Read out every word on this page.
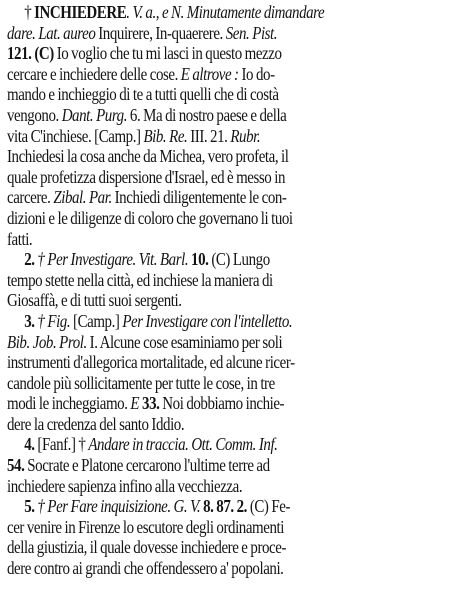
† INCHIEDERE. V. a., e N. Minutamente dimandare
dare. Lat. aureo Inquirere, In-quaerere. Sen. Pist.
121. (C) Io voglio che tu mi lasci in questo mezzo
cercare e inchiedere delle cose. E altrove : Io do-
mando e inchieggio di te a tutti quelli che di costà
vengono. Dant. Purg. 6. Ma di nostro paese e della
vita C'inchiese. [Camp.] Bib. Re. III. 21. Rubr.
Inchiedesi la cosa anche da Michea, vero profeta, il
quale profetizza dispersione d'Israel, ed è messo in
carcere. Zibal. Par. Inchiedi diligentemente le con-
dizioni e le diligenze di coloro che governano li tuoi
fatti.
2. † Per Investigare. Vit. Barl. 10. (C) Lungo
tempo stette nella città, ed inchiese la maniera di
Giosaffà, e di tutti suoi sergenti.
3. † Fig. [Camp.] Per Investigare con l'intelletto.
Bib. Job. Prol. I. Alcune cose esaminiamo per soli
instrumenti d'allegorica mortalitade, ed alcune ricer-
candole più sollicitamente per tutte le cose, in tre
modi le incheggiamo. E 33. Noi dobbiamo inchie-
dere la credenza del santo Iddio.
4. [Fanf.] † Andare in traccia. Ott. Comm. Inf.
54. Socrate e Platone cercarono l'ultime terre ad
inchiedere sapienza infino alla vecchiezza.
5. † Per Fare inquisizione. G. V. 8. 87. 2. (C) Fe-
cer venire in Firenze lo escutore degli ordinamenti
della giustizia, il quale dovesse inchiedere e proce-
dere contro ai grandi che offendessero a' popolani.
